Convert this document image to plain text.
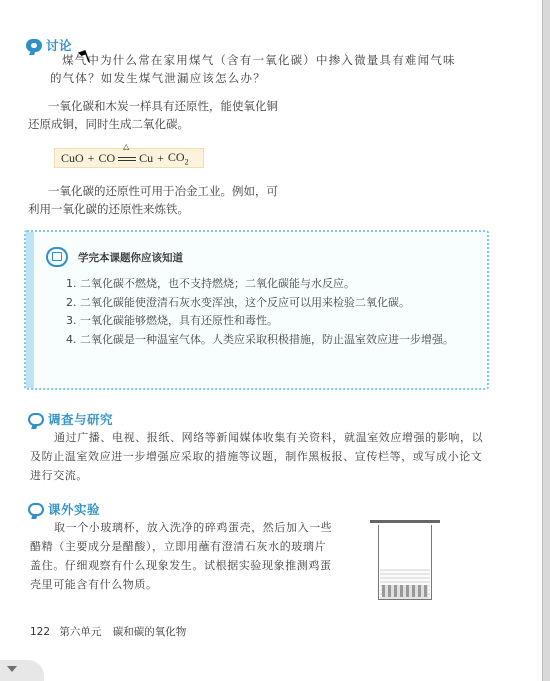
讨论
煤气中为什么常在家用煤气（含有一氧化碳）中掺入微量具有难闻气味
的气体？如发生煤气泄漏应该怎么办？
一氧化碳和木炭一样具有还原性，能使氧化铜
还原成铜，同时生成二氧化碳。
CuO + CO
△
$Cu + CO_2$
一氧化碳的还原性可用于冶金工业。例如，可
利用一氧化碳的还原性来炼铁。
学完本课题你应该知道
1. 二氧化碳不燃烧，也不支持燃烧；二氧化碳能与水反应。
2. 二氧化碳能使澄清石灰水变浑浊，这个反应可以用来检验二氧化碳。
3. 一氧化碳能够燃烧，具有还原性和毒性。
4. 二氧化碳是一种温室气体。人类应采取积极措施，防止温室效应进一步增强。
调查与研究
通过广播、电视、报纸、网络等新闻媒体收集有关资料，就温室效应增强的影响，以及防止温室效应进一步增强应采取的措施等议题，制作黑板报、宣传栏等，或写成小论文进行交流。
课外实验
取一个小玻璃杯，放入洗净的碎鸡蛋壳，然后加入一些醋精（主要成分是醋酸），立即用蘸有澄清石灰水的玻璃片盖住。仔细观察有什么现象发生。试根据实验现象推测鸡蛋壳里可能含有什么物质。
122 第六单元 碳和碳的氧化物
